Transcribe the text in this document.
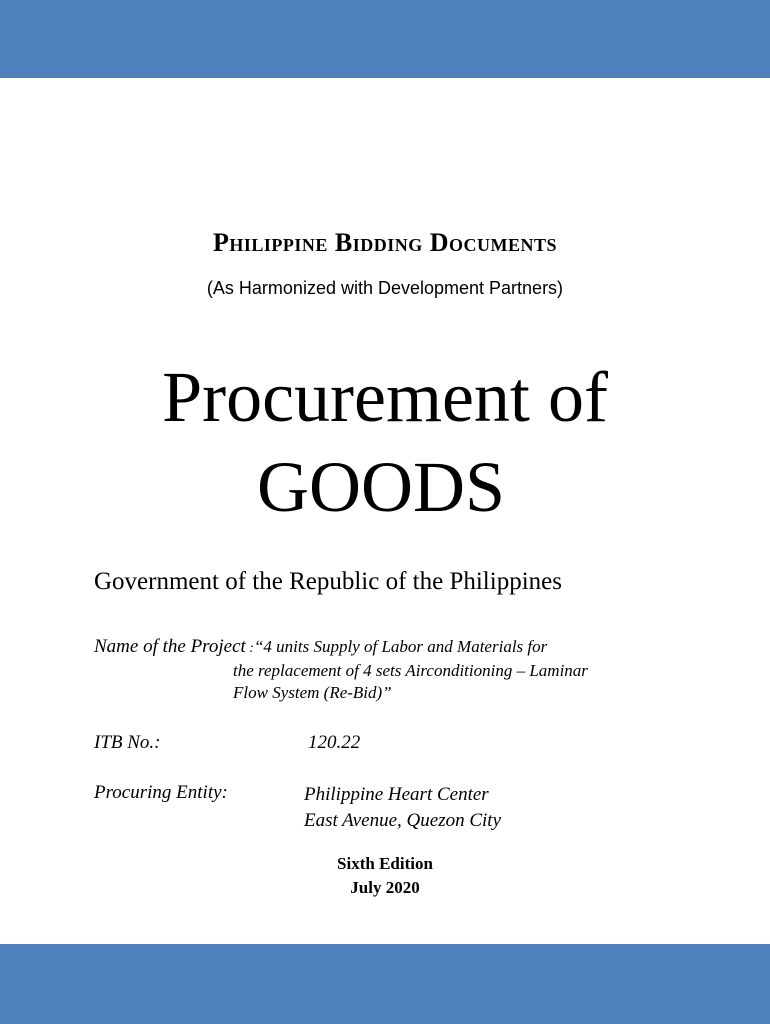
Philippine Bidding Documents
(As Harmonized with Development Partners)
Procurement of
GOODS
Government of the Republic of the Philippines
Name of the Project :“4 units Supply of Labor and Materials for
the replacement of 4 sets Airconditioning – Laminar
Flow System (Re-Bid)”
ITB No.:	120.22
Procuring Entity:	Philippine Heart Center
East Avenue, Quezon City
Sixth Edition
July 2020
